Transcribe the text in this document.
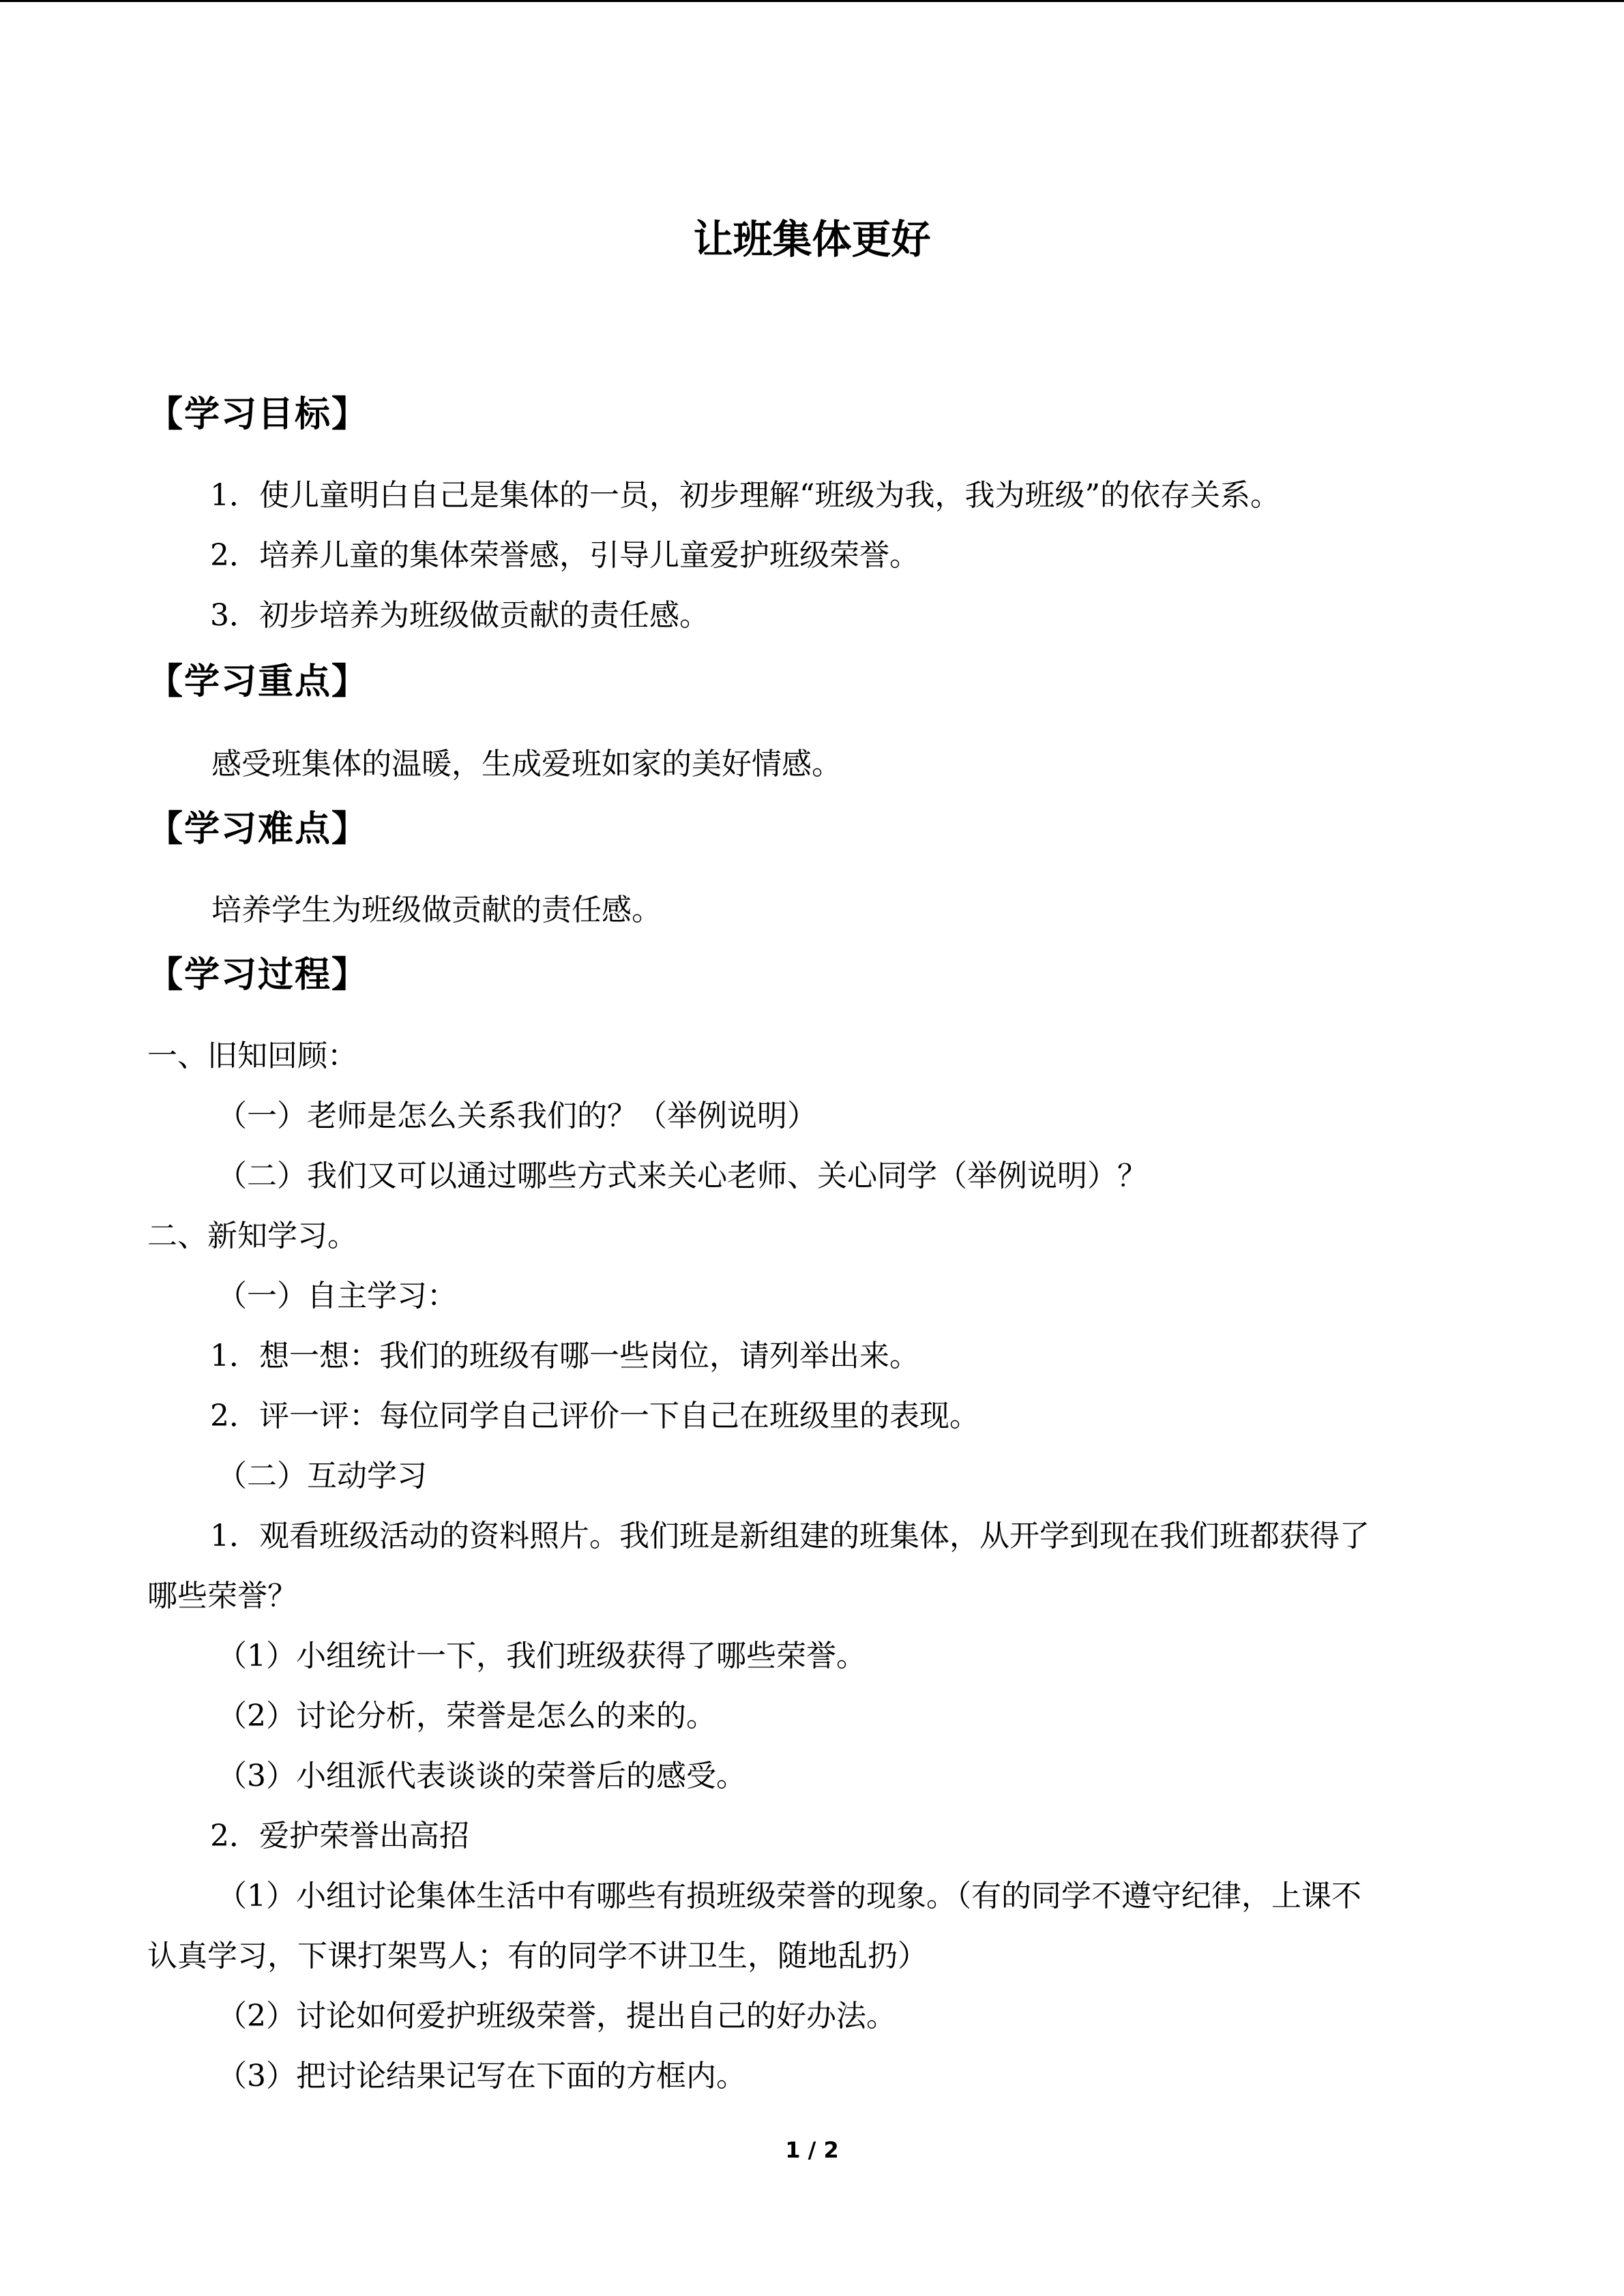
让班集体更好
【学习目标】
1．使儿童明白自己是集体的一员，初步理解“班级为我，我为班级”的依存关系。
2．培养儿童的集体荣誉感，引导儿童爱护班级荣誉。
3．初步培养为班级做贡献的责任感。
【学习重点】
感受班集体的温暖，生成爱班如家的美好情感。
【学习难点】
培养学生为班级做贡献的责任感。
【学习过程】
一、旧知回顾：
（一）老师是怎么关系我们的？（举例说明）
（二）我们又可以通过哪些方式来关心老师、关心同学（举例说明）？
二、新知学习。
（一）自主学习：
1．想一想：我们的班级有哪一些岗位，请列举出来。
2．评一评：每位同学自己评价一下自己在班级里的表现。
（二）互动学习
1．观看班级活动的资料照片。我们班是新组建的班集体，从开学到现在我们班都获得了
哪些荣誉？
（1）小组统计一下，我们班级获得了哪些荣誉。
（2）讨论分析，荣誉是怎么的来的。
（3）小组派代表谈谈的荣誉后的感受。
2．爱护荣誉出高招
（1）小组讨论集体生活中有哪些有损班级荣誉的现象。（有的同学不遵守纪律，上课不
认真学习，下课打架骂人；有的同学不讲卫生，随地乱扔）
（2）讨论如何爱护班级荣誉，提出自己的好办法。
（3）把讨论结果记写在下面的方框内。
1 / 2
